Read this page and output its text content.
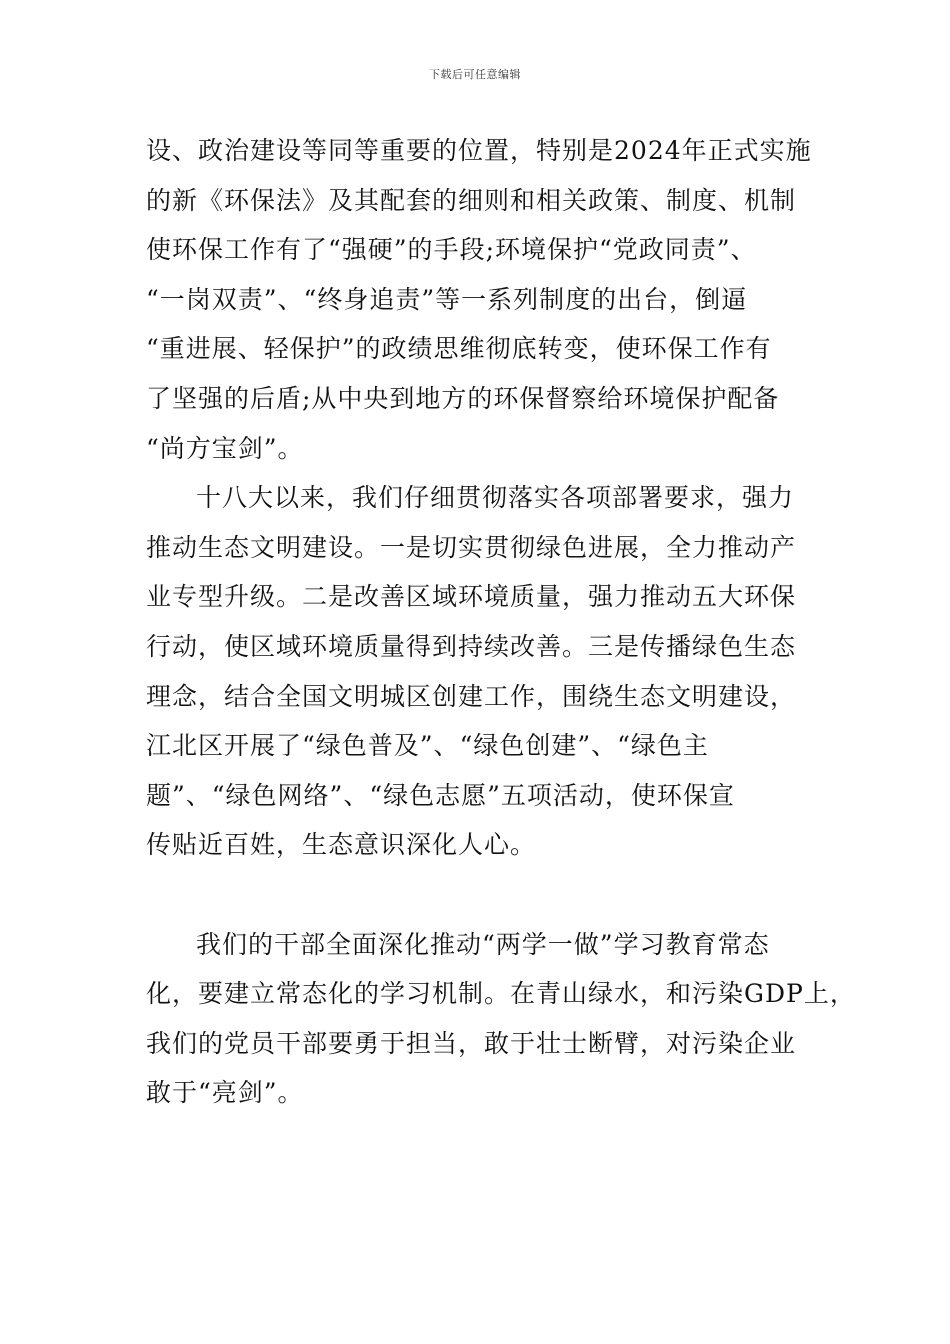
下载后可任意编辑
设、政治建设等同等重要的位置，特别是2024年正式实施
的新《环保法》及其配套的细则和相关政策、制度、机制
使环保工作有了“强硬”的手段;环境保护“党政同责”、
“一岗双责”、“终身追责”等一系列制度的出台，倒逼
“重进展、轻保护”的政绩思维彻底转变，使环保工作有
了坚强的后盾;从中央到地方的环保督察给环境保护配备
“尚方宝剑”。
十八大以来，我们仔细贯彻落实各项部署要求，强力
推动生态文明建设。一是切实贯彻绿色进展，全力推动产
业专型升级。二是改善区域环境质量，强力推动五大环保
行动，使区域环境质量得到持续改善。三是传播绿色生态
理念，结合全国文明城区创建工作，围绕生态文明建设，
江北区开展了“绿色普及”、“绿色创建”、“绿色主
题”、“绿色网络”、“绿色志愿”五项活动，使环保宣
传贴近百姓，生态意识深化人心。
我们的干部全面深化推动“两学一做”学习教育常态
化，要建立常态化的学习机制。在青山绿水，和污染GDP上，
我们的党员干部要勇于担当，敢于壮士断臂，对污染企业
敢于“亮剑”。
